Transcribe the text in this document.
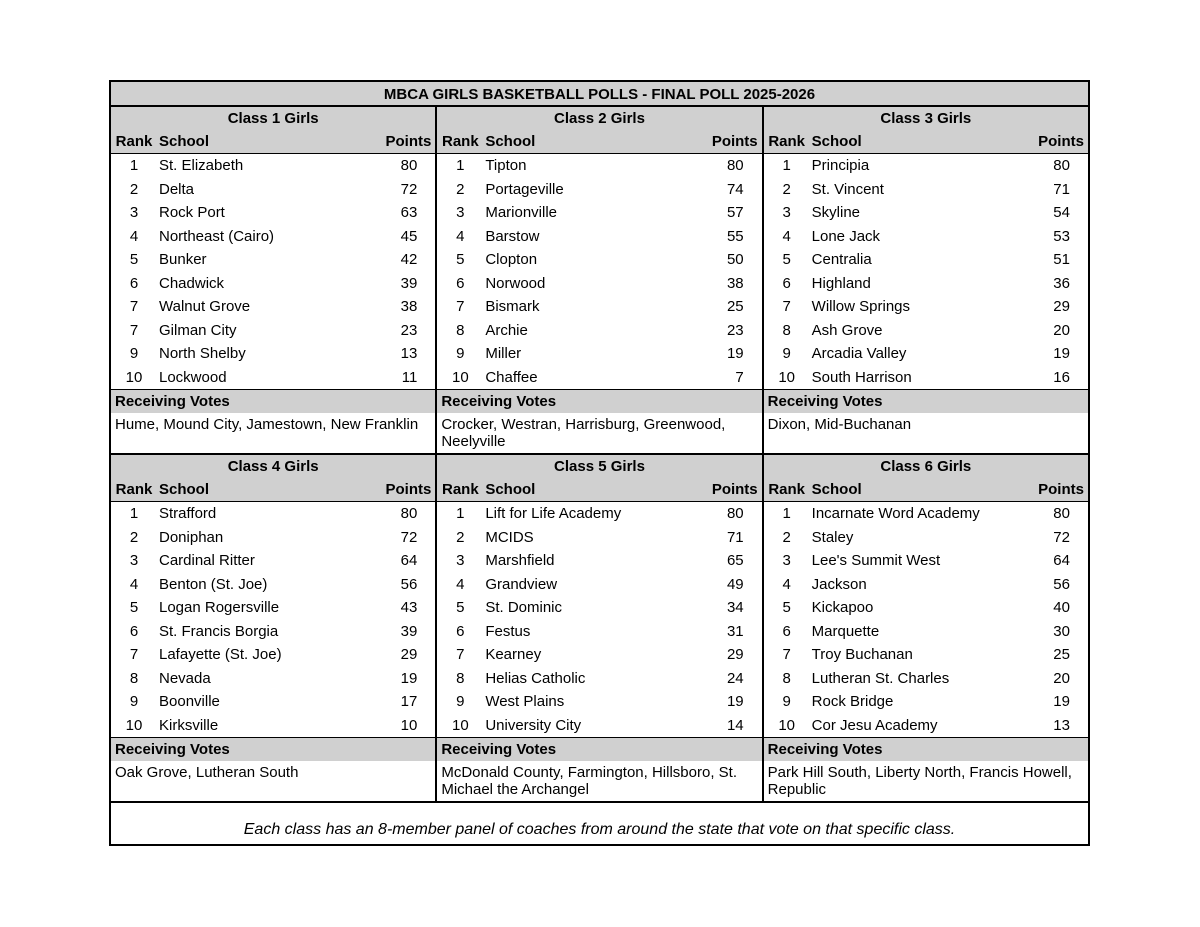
MBCA GIRLS BASKETBALL POLLS - FINAL POLL 2025-2026
Class 1 Girls
Rank School	Points
1	St. Elizabeth	80
2	Delta	72
3	Rock Port	63
4	Northeast (Cairo)	45
5	Bunker	42
6	Chadwick	39
7	Walnut Grove	38
7	Gilman City	23
9	North Shelby	13
10	Lockwood	11
Receiving Votes
Hume, Mound City, Jamestown, New Franklin
Class 2 Girls
Rank School	Points
1	Tipton	80
2	Portageville	74
3	Marionville	57
4	Barstow	55
5	Clopton	50
6	Norwood	38
7	Bismark	25
8	Archie	23
9	Miller	19
10	Chaffee	7
Receiving Votes
Crocker, Westran, Harrisburg, Greenwood, Neelyville
Class 3 Girls
Rank School	Points
1	Principia	80
2	St. Vincent	71
3	Skyline	54
4	Lone Jack	53
5	Centralia	51
6	Highland	36
7	Willow Springs	29
8	Ash Grove	20
9	Arcadia Valley	19
10	South Harrison	16
Receiving Votes
Dixon, Mid-Buchanan
Class 4 Girls
Rank School	Points
1	Strafford	80
2	Doniphan	72
3	Cardinal Ritter	64
4	Benton (St. Joe)	56
5	Logan Rogersville	43
6	St. Francis Borgia	39
7	Lafayette (St. Joe)	29
8	Nevada	19
9	Boonville	17
10	Kirksville	10
Receiving Votes
Oak Grove, Lutheran South
Class 5 Girls
Rank School	Points
1	Lift for Life Academy	80
2	MCIDS	71
3	Marshfield	65
4	Grandview	49
5	St. Dominic	34
6	Festus	31
7	Kearney	29
8	Helias Catholic	24
9	West Plains	19
10	University City	14
Receiving Votes
McDonald County, Farmington, Hillsboro, St. Michael the Archangel
Class 6 Girls
Rank School	Points
1	Incarnate Word Academy	80
2	Staley	72
3	Lee's Summit West	64
4	Jackson	56
5	Kickapoo	40
6	Marquette	30
7	Troy Buchanan	25
8	Lutheran St. Charles	20
9	Rock Bridge	19
10	Cor Jesu Academy	13
Receiving Votes
Park Hill South, Liberty North, Francis Howell, Republic
Each class has an 8-member panel of coaches from around the state that vote on that specific class.
